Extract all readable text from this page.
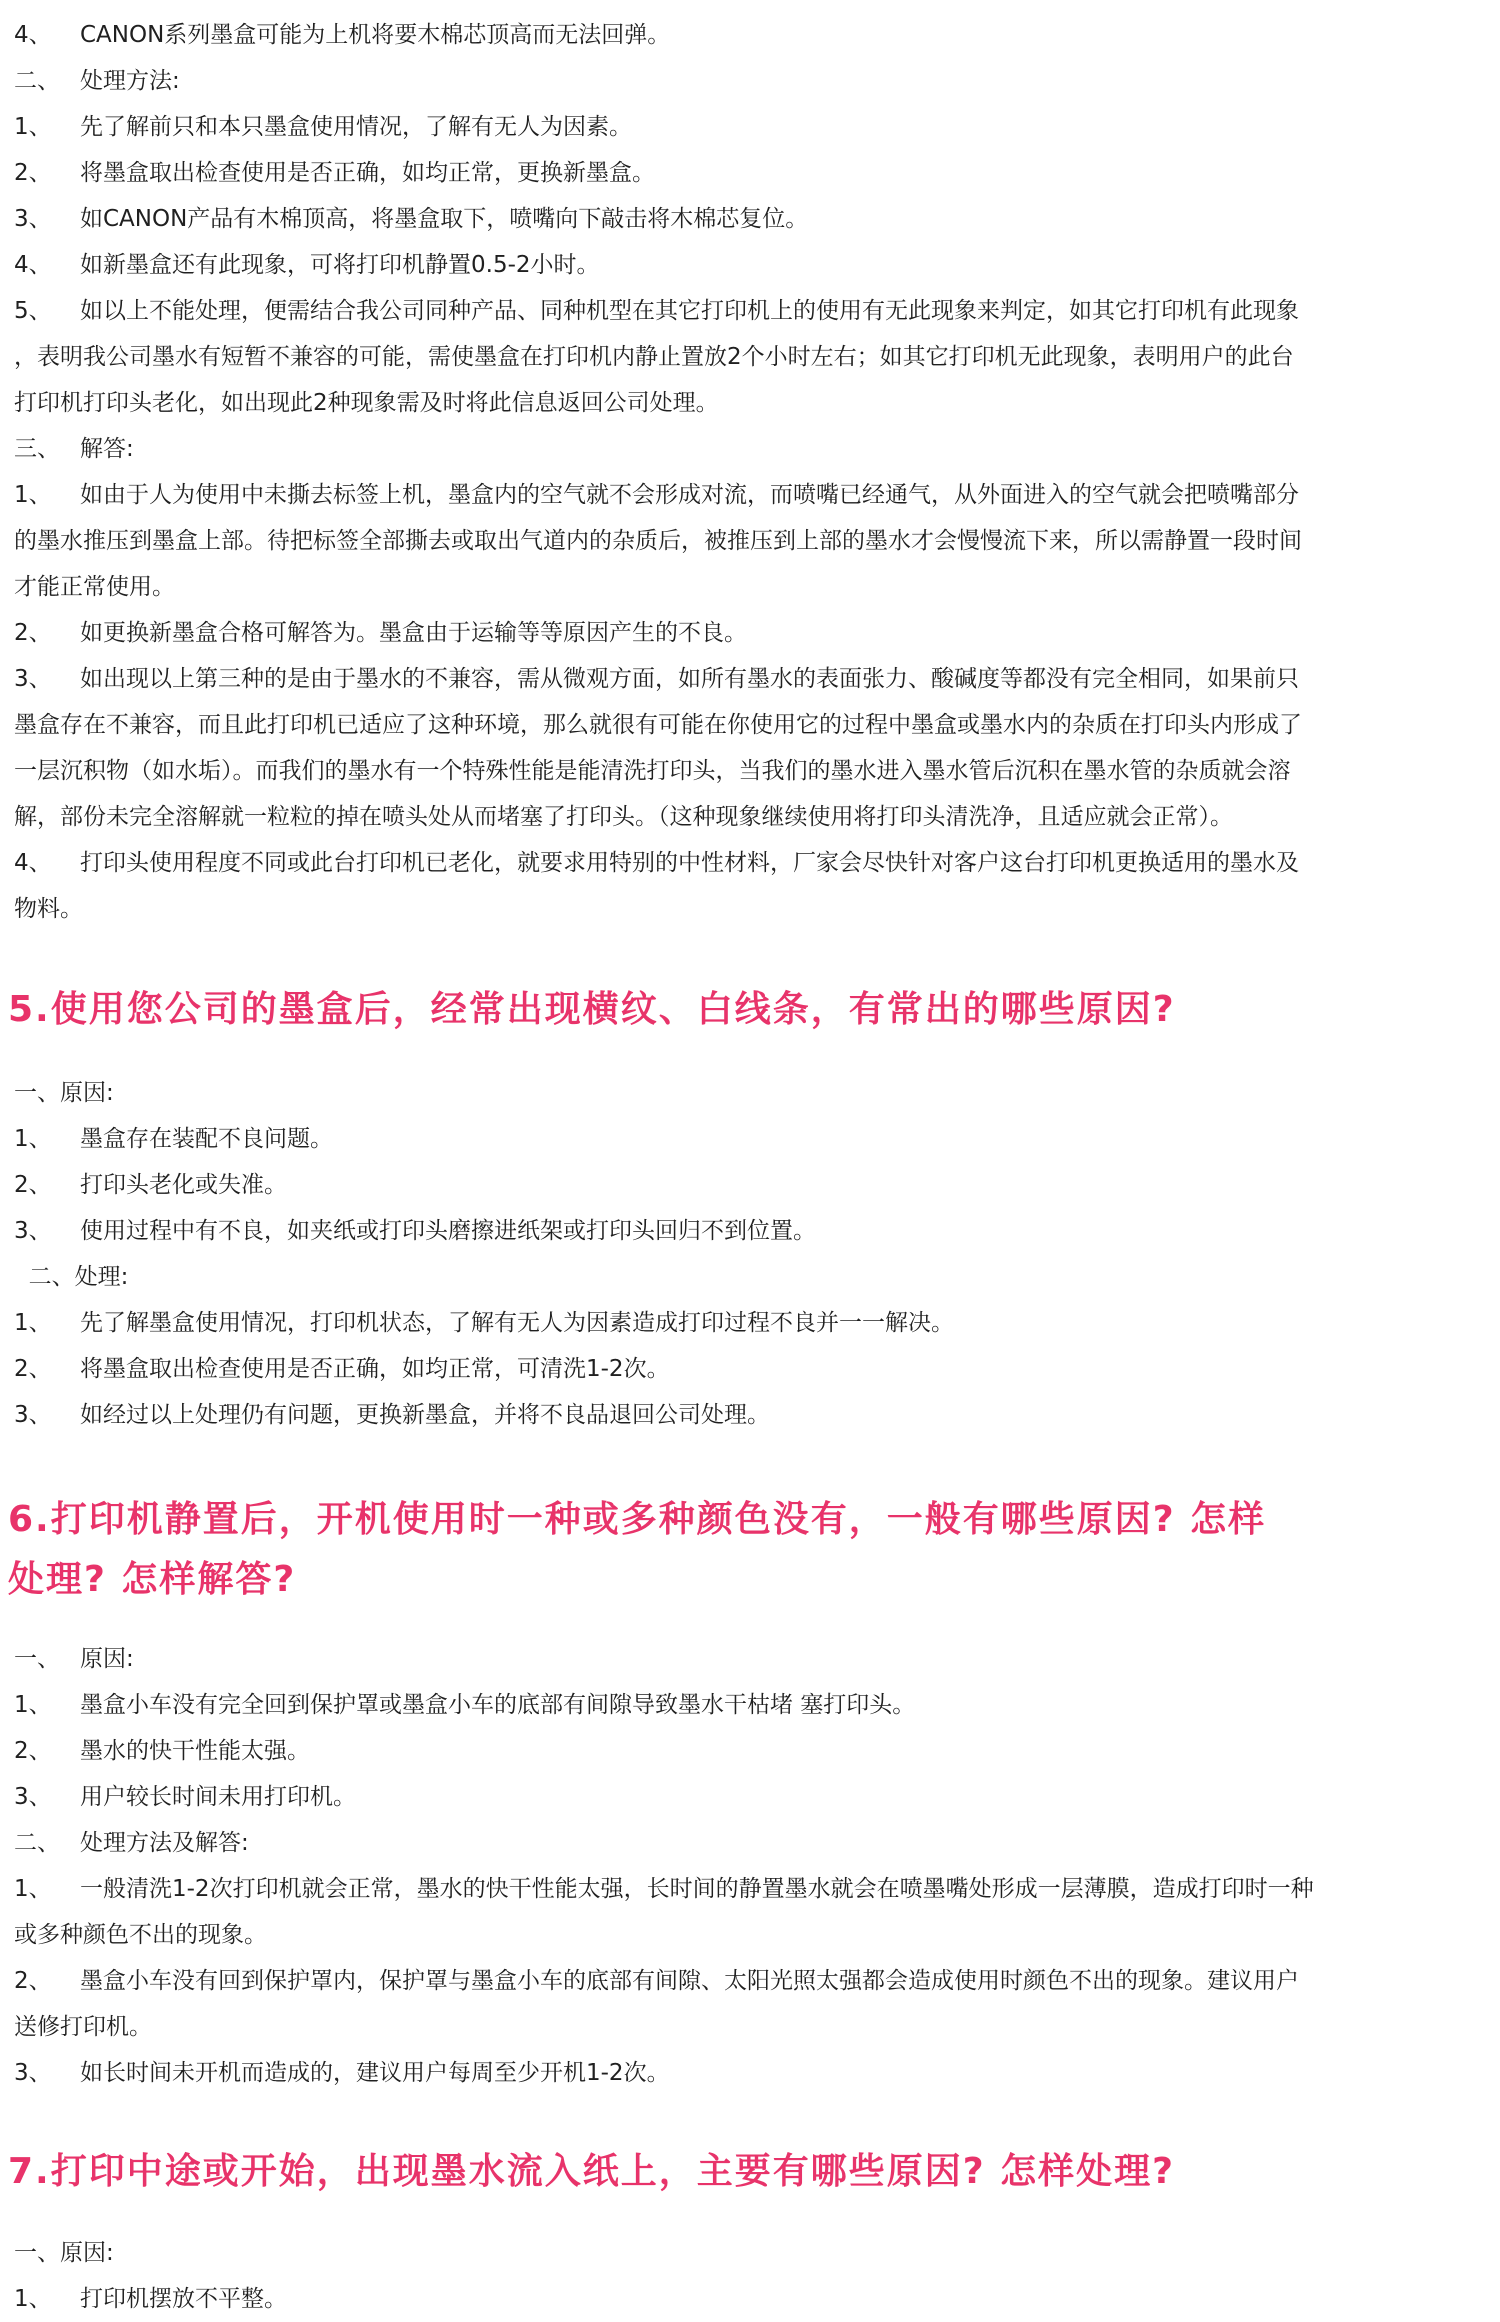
4、 CANON系列墨盒可能为上机将要木棉芯顶高而无法回弹。
二、 处理方法:
1、 先了解前只和本只墨盒使用情况，了解有无人为因素。
2、 将墨盒取出检查使用是否正确，如均正常，更换新墨盒。
3、 如CANON产品有木棉顶高，将墨盒取下，喷嘴向下敲击将木棉芯复位。
4、 如新墨盒还有此现象，可将打印机静置0.5-2小时。
5、 如以上不能处理，便需结合我公司同种产品、同种机型在其它打印机上的使用有无此现象来判定，如其它打印机有此现象
，表明我公司墨水有短暂不兼容的可能，需使墨盒在打印机内静止置放2个小时左右；如其它打印机无此现象，表明用户的此台
打印机打印头老化，如出现此2种现象需及时将此信息返回公司处理。
三、 解答:
1、 如由于人为使用中未撕去标签上机，墨盒内的空气就不会形成对流，而喷嘴已经通气，从外面进入的空气就会把喷嘴部分
的墨水推压到墨盒上部。待把标签全部撕去或取出气道内的杂质后，被推压到上部的墨水才会慢慢流下来，所以需静置一段时间
才能正常使用。
2、 如更换新墨盒合格可解答为。墨盒由于运输等等原因产生的不良。
3、 如出现以上第三种的是由于墨水的不兼容，需从微观方面，如所有墨水的表面张力、酸碱度等都没有完全相同，如果前只
墨盒存在不兼容，而且此打印机已适应了这种环境，那么就很有可能在你使用它的过程中墨盒或墨水内的杂质在打印头内形成了
一层沉积物（如水垢）。而我们的墨水有一个特殊性能是能清洗打印头，当我们的墨水进入墨水管后沉积在墨水管的杂质就会溶
解，部份未完全溶解就一粒粒的掉在喷头处从而堵塞了打印头。（这种现象继续使用将打印头清洗净，且适应就会正常）。
4、 打印头使用程度不同或此台打印机已老化，就要求用特别的中性材料，厂家会尽快针对客户这台打印机更换适用的墨水及
物料。
5.使用您公司的墨盒后，经常出现横纹、白线条，有常出的哪些原因?
一、原因:
1、 墨盒存在装配不良问题。
2、 打印头老化或失准。
3、 使用过程中有不良，如夹纸或打印头磨擦进纸架或打印头回归不到位置。
二、处理:
1、 先了解墨盒使用情况，打印机状态，了解有无人为因素造成打印过程不良并一一解决。
2、 将墨盒取出检查使用是否正确，如均正常，可清洗1-2次。
3、 如经过以上处理仍有问题，更换新墨盒，并将不良品退回公司处理。
6.打印机静置后，开机使用时一种或多种颜色没有，一般有哪些原因? 怎样
处理? 怎样解答?
一、 原因:
1、 墨盒小车没有完全回到保护罩或墨盒小车的底部有间隙导致墨水干枯堵 塞打印头。
2、 墨水的快干性能太强。
3、 用户较长时间未用打印机。
二、 处理方法及解答:
1、 一般清洗1-2次打印机就会正常，墨水的快干性能太强，长时间的静置墨水就会在喷墨嘴处形成一层薄膜，造成打印时一种
或多种颜色不出的现象。
2、 墨盒小车没有回到保护罩内，保护罩与墨盒小车的底部有间隙、太阳光照太强都会造成使用时颜色不出的现象。建议用户
送修打印机。
3、 如长时间未开机而造成的，建议用户每周至少开机1-2次。
7.打印中途或开始，出现墨水流入纸上，主要有哪些原因? 怎样处理?
一、原因:
1、 打印机摆放不平整。
